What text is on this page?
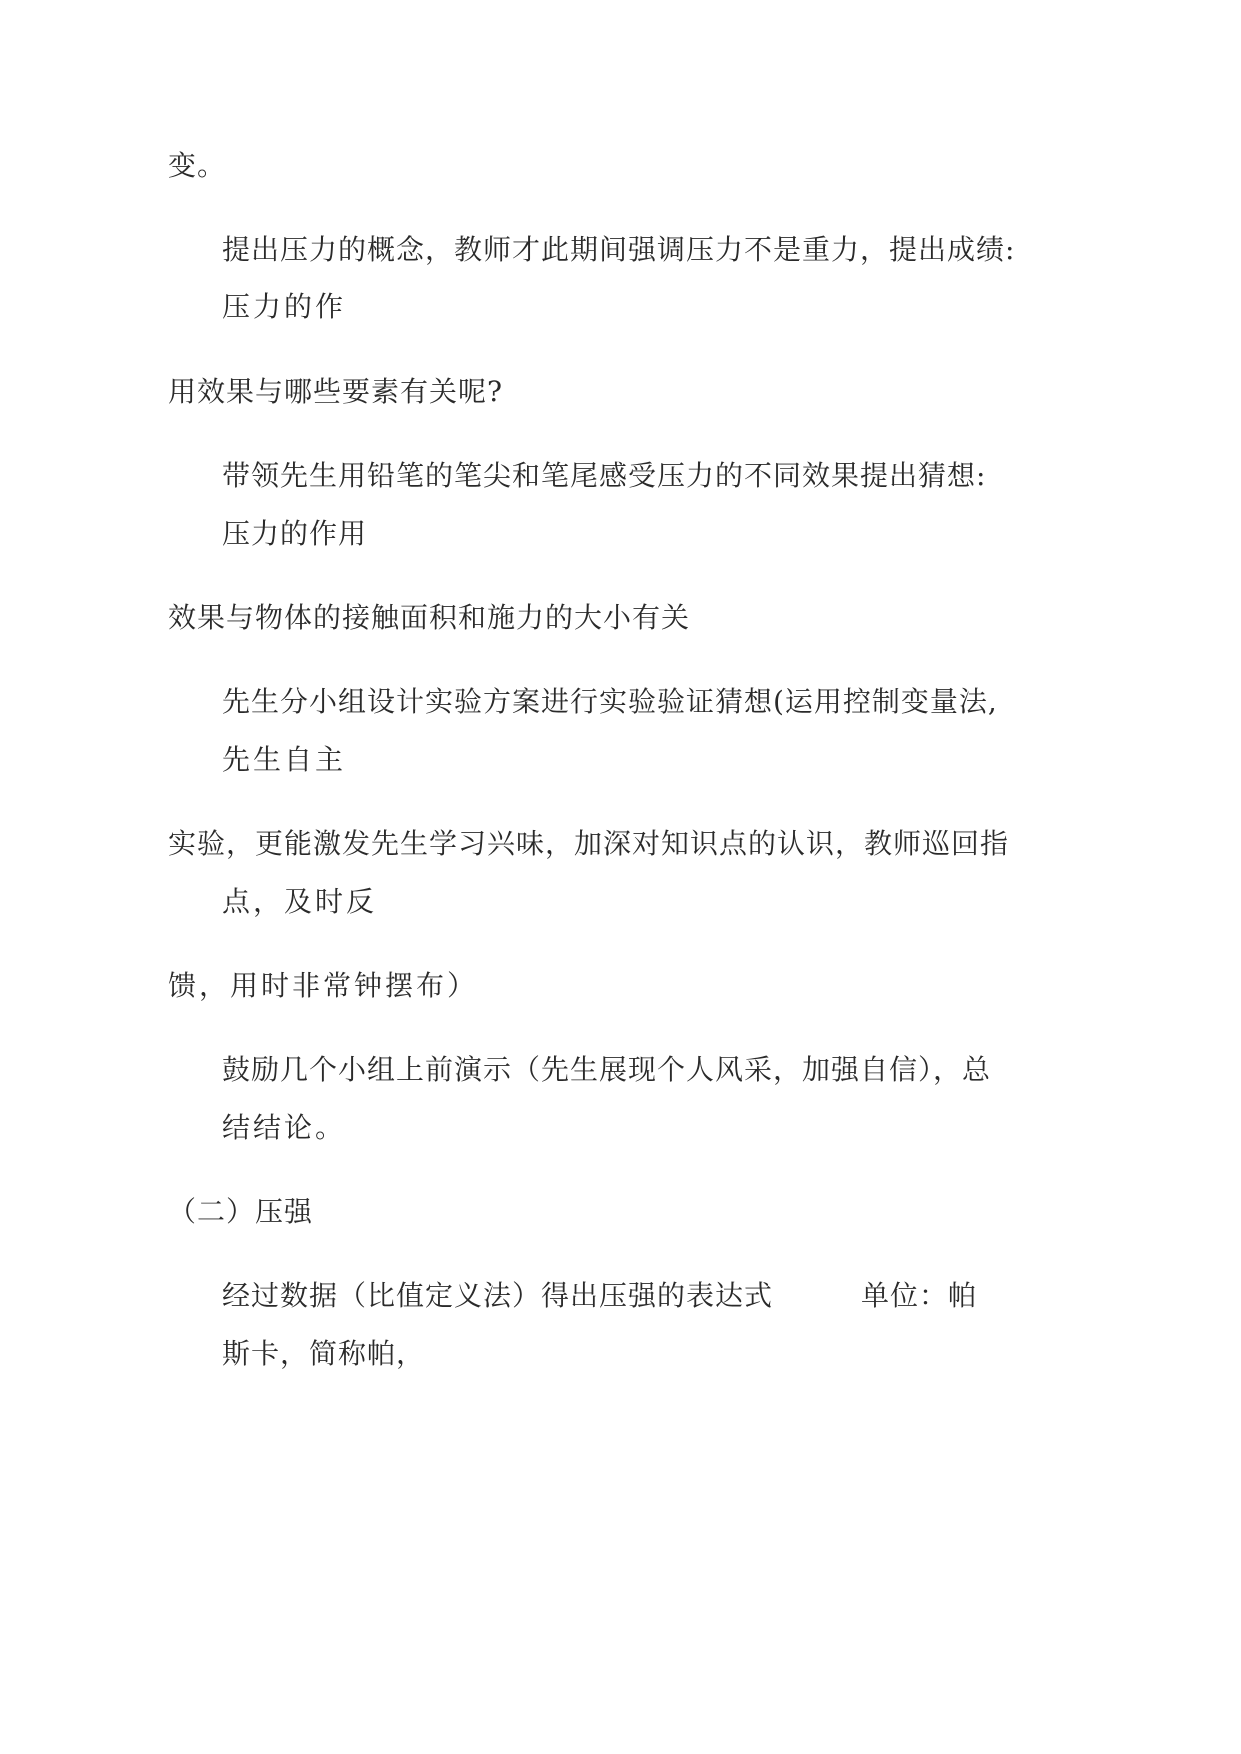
变。
提出压力的概念，教师才此期间强调压力不是重力，提出成绩:
压力的作
用效果与哪些要素有关呢?
带领先生用铅笔的笔尖和笔尾感受压力的不同效果提出猜想:
压力的作用
效果与物体的接触面积和施力的大小有关
先生分小组设计实验方案进行实验验证猜想(运用控制变量法,
先生自主
实验，更能激发先生学习兴味，加深对知识点的认识，教师巡回指
点，及时反
馈，用时非常钟摆布）
鼓励几个小组上前演示（先生展现个人风采，加强自信），总
结结论。
（二）压强
经过数据（比值定义法）得出压强的表达式	单位：帕
斯卡，简称帕，
